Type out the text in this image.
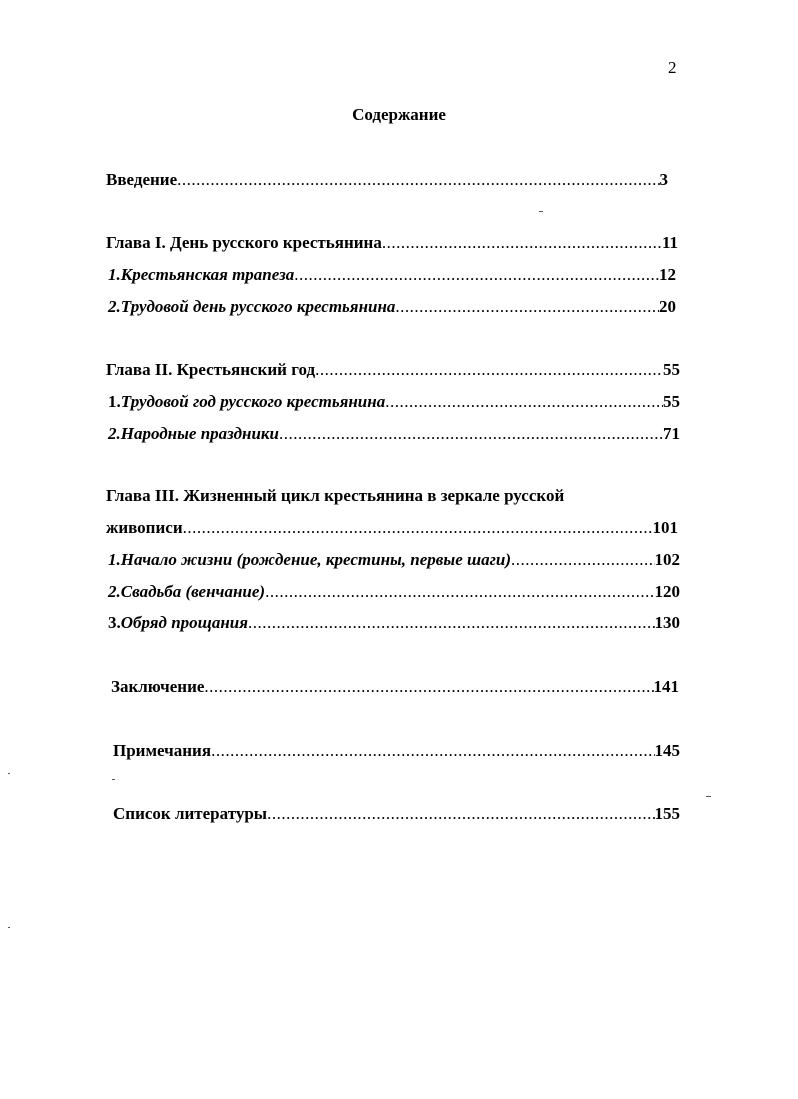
2
Содержание
Введение .....	3
Глава I. День русского крестьянина .....	11
1. Крестьянская трапеза .....	12
2. Трудовой день русского крестьянина .....	20
Глава II. Крестьянский год .....	55
1. Трудовой год русского крестьянина .....	55
2. Народные праздники .....	71
Глава III. Жизненный цикл крестьянина в зеркале русской
живописи .....	101
1. Начало жизни (рождение, крестины, первые шаги) .....	102
2. Свадьба (венчание) .....	120
3. Обряд прощания .....	130
Заключение .....	141
Примечания .....	145
Список литературы .....	155
